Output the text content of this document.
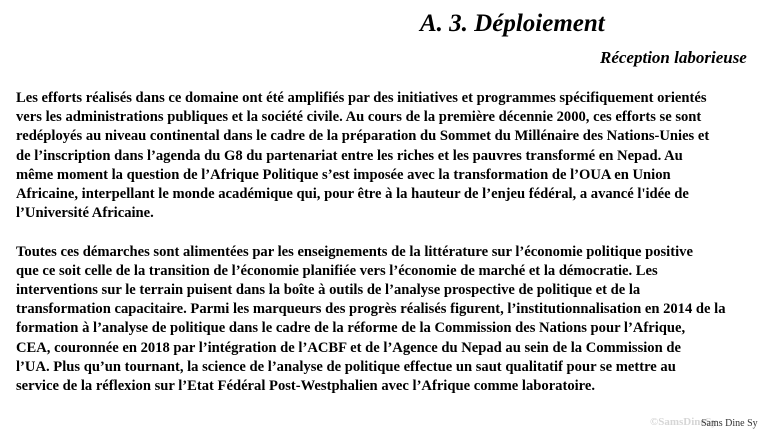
A. 3. Déploiement
Réception laborieuse
Les efforts réalisés dans ce domaine ont été amplifiés par des initiatives et programmes spécifiquement orientés
vers les administrations publiques et la société civile. Au cours de la première décennie 2000, ces efforts se sont
redéployés au niveau continental dans le cadre de la préparation du Sommet du Millénaire des Nations-Unies et
de l’inscription dans l’agenda du G8 du partenariat entre les riches et les pauvres transformé en Nepad. Au
même moment la question de l’Afrique Politique s’est imposée avec la transformation de l’OUA en Union
Africaine, interpellant le monde académique qui, pour être à la hauteur de l’enjeu fédéral, a avancé l'idée de
l’Université Africaine.
Toutes ces démarches sont alimentées par les enseignements de la littérature sur l’économie politique positive
que ce soit celle de la transition de l’économie planifiée vers l’économie de marché et la démocratie. Les
interventions sur le terrain puisent dans la boîte à outils de l’analyse prospective de politique et de la
transformation capacitaire. Parmi les marqueurs des progrès réalisés figurent, l’institutionnalisation en 2014 de la
formation à l’analyse de politique dans le cadre de la réforme de la Commission des Nations pour l’Afrique,
CEA, couronnée en 2018 par l’intégration de l’ACBF et de l’Agence du Nepad au sein de la Commission de
l’UA. Plus qu’un tournant, la science de l’analyse de politique effectue un saut qualitatif pour se mettre au
service de la réflexion sur l’Etat Fédéral Post-Westphalien avec l’Afrique comme laboratoire.
©SamsDineSy
Sams Dine Sy
